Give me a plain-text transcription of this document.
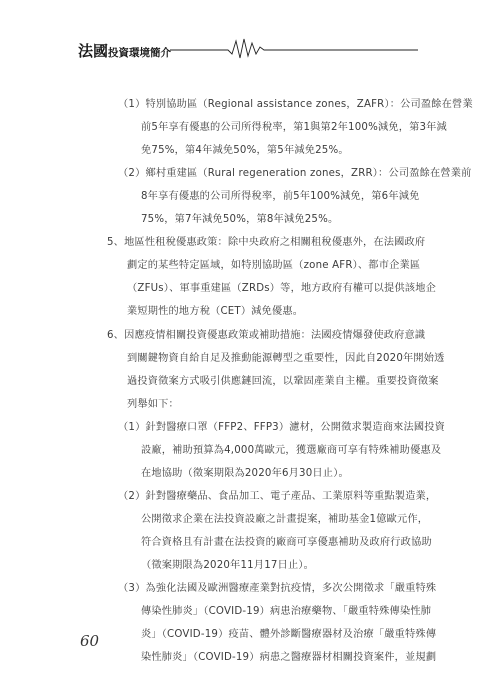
法國投資環境簡介
（1）特別協助區（Regional assistance zones，ZAFR）：公司盈餘在營業
前5年享有優惠的公司所得稅率，第1與第2年100%減免，第3年減
免75%，第4年減免50%，第5年減免25%。
（2）鄉村重建區（Rural regeneration zones，ZRR）：公司盈餘在營業前
8年享有優惠的公司所得稅率，前5年100%減免，第6年減免
75%，第7年減免50%，第8年減免25%。
5、地區性租稅優惠政策：除中央政府之相關租稅優惠外，在法國政府
劃定的某些特定區域，如特別協助區（zone AFR）、都市企業區
（ZFUs）、軍事重建區（ZRDs）等，地方政府有權可以提供該地企
業短期性的地方稅（CET）減免優惠。
6、因應疫情相關投資優惠政策或補助措施：法國疫情爆發使政府意識
到關鍵物資自給自足及推動能源轉型之重要性，因此自2020年開始透
過投資徵案方式吸引供應鏈回流，以鞏固產業自主權。重要投資徵案
列舉如下：
（1）針對醫療口罩（FFP2、FFP3）濾材，公開徵求製造商來法國投資
設廠，補助預算為4,000萬歐元，獲選廠商可享有特殊補助優惠及
在地協助（徵案期限為2020年6月30日止）。
（2）針對醫療藥品、食品加工、電子產品、工業原料等重點製造業，
公開徵求企業在法投資設廠之計畫提案，補助基金1億歐元作，
符合資格且有計畫在法投資的廠商可享優惠補助及政府行政協助
（徵案期限為2020年11月17日止）。
（3）為強化法國及歐洲醫療產業對抗疫情，多次公開徵求「嚴重特殊
傳染性肺炎」（COVID-19）病患治療藥物、「嚴重特殊傳染性肺
炎」（COVID-19）疫苗、體外診斷醫療器材及治療「嚴重特殊傳
染性肺炎」（COVID-19）病患之醫療器材相關投資案件，並規劃
60
